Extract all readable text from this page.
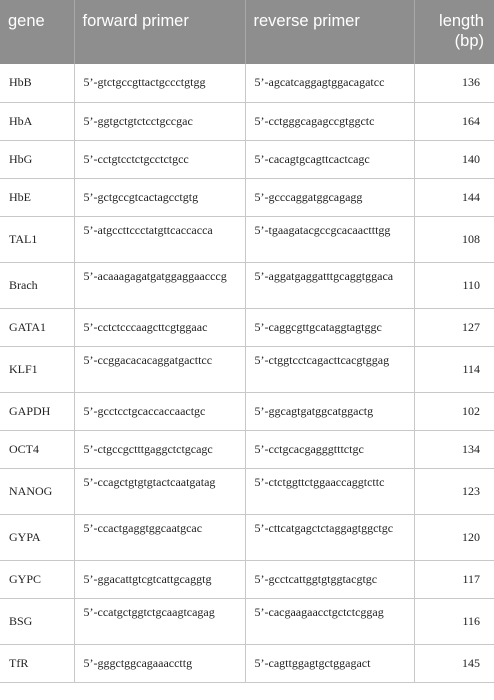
gene	forward primer	reverse primer	length
(bp)

HbB	5’-gtctgccgttactgccctgtgg	5’-agcatcaggagtggacagatcc	136
HbA	5’-ggtgctgtctcctgccgac	5’-cctgggcagagccgtggctc	164
HbG	5’-cctgtcctctgcctctgcc	5’-cacagtgcagttcactcagc	140
HbE	5’-gctgccgtcactagcctgtg	5’-gcccaggatggcagagg	144
TAL1	5’-atgccttccctatgttcaccacca	5’-tgaagatacgccgcacaactttgg	108
Brach	5’-acaaagagatgatggaggaacccg	5’-aggatgaggatttgcaggtggaca	110
GATA1	5’-cctctcccaagcttcgtggaac	5’-caggcgttgcataggtagtggc	127
KLF1	5’-ccggacacacaggatgacttcc	5’-ctggtcctcagacttcacgtggag	114
GAPDH	5’-gcctcctgcaccaccaactgc	5’-ggcagtgatggcatggactg	102
OCT4	5’-ctgccgctttgaggctctgcagc	5’-cctgcacgagggtttctgc	134
NANOG	5’-ccagctgtgtgtactcaatgatag	5’-ctctggttctggaaccaggtcttc	123
GYPA	5’-ccactgaggtggcaatgcac	5’-cttcatgagctctaggagtggctgc	120
GYPC	5’-ggacattgtcgtcattgcaggtg	5’-gcctcattggtgtggtacgtgc	117
BSG	5’-ccatgctggtctgcaagtcagag	5’-cacgaagaacctgctctcggag	116
TfR	5’-gggctggcagaaaccttg	5’-cagttggagtgctggagact	145
